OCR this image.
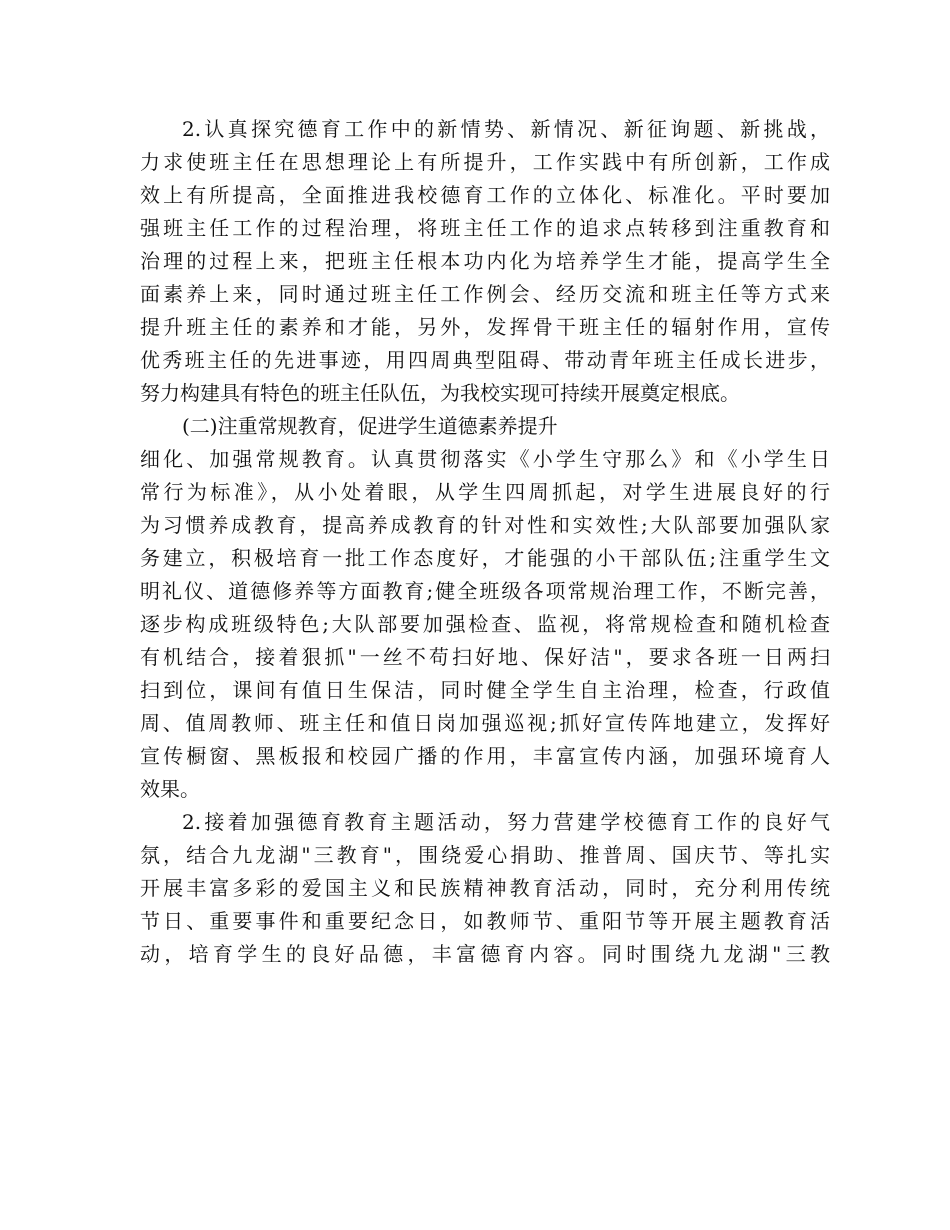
2.认真探究德育工作中的新情势、新情况、新征询题、新挑战，
力求使班主任在思想理论上有所提升，工作实践中有所创新，工作成
效上有所提高，全面推进我校德育工作的立体化、标准化。平时要加
强班主任工作的过程治理，将班主任工作的追求点转移到注重教育和
治理的过程上来，把班主任根本功内化为培养学生才能，提高学生全
面素养上来，同时通过班主任工作例会、经历交流和班主任等方式来
提升班主任的素养和才能，另外，发挥骨干班主任的辐射作用，宣传
优秀班主任的先进事迹，用四周典型阻碍、带动青年班主任成长进步，
努力构建具有特色的班主任队伍，为我校实现可持续开展奠定根底。
(二)注重常规教育，促进学生道德素养提升
细化、加强常规教育。认真贯彻落实《小学生守那么》和《小学生日
常行为标准》，从小处着眼，从学生四周抓起，对学生进展良好的行
为习惯养成教育，提高养成教育的针对性和实效性;大队部要加强队家
务建立，积极培育一批工作态度好，才能强的小干部队伍;注重学生文
明礼仪、道德修养等方面教育;健全班级各项常规治理工作，不断完善，
逐步构成班级特色;大队部要加强检查、监视，将常规检查和随机检查
有机结合，接着狠抓"一丝不苟扫好地、保好洁"，要求各班一日两扫
扫到位，课间有值日生保洁，同时健全学生自主治理，检查，行政值
周、值周教师、班主任和值日岗加强巡视;抓好宣传阵地建立，发挥好
宣传橱窗、黑板报和校园广播的作用，丰富宣传内涵，加强环境育人
效果。
2.接着加强德育教育主题活动，努力营建学校德育工作的良好气
氛，结合九龙湖"三教育"，围绕爱心捐助、推普周、国庆节、等扎实
开展丰富多彩的爱国主义和民族精神教育活动，同时，充分利用传统
节日、重要事件和重要纪念日，如教师节、重阳节等开展主题教育活
动，培育学生的良好品德，丰富德育内容。同时围绕九龙湖"三教
